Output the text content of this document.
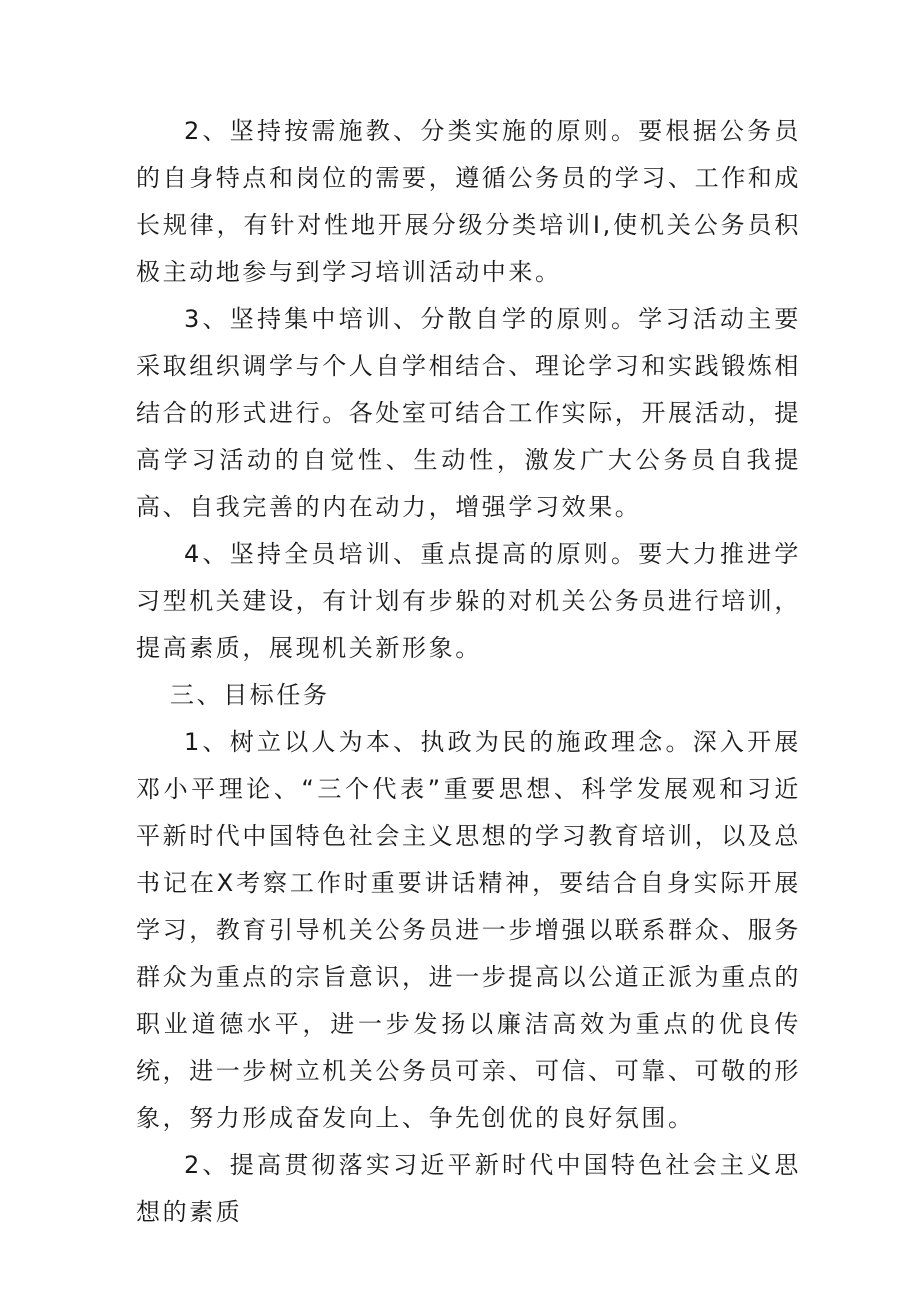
2、坚持按需施教、分类实施的原则。要根据公务员的自身特点和岗位的需要，遵循公务员的学习、工作和成长规律，有针对性地开展分级分类培训I,使机关公务员积极主动地参与到学习培训活动中来。

3、坚持集中培训、分散自学的原则。学习活动主要采取组织调学与个人自学相结合、理论学习和实践锻炼相结合的形式进行。各处室可结合工作实际，开展活动，提高学习活动的自觉性、生动性，激发广大公务员自我提高、自我完善的内在动力，增强学习效果。

4、坚持全员培训、重点提高的原则。要大力推进学习型机关建设，有计划有步躲的对机关公务员进行培训，提高素质，展现机关新形象。

三、目标任务

1、树立以人为本、执政为民的施政理念。深入开展邓小平理论、“三个代表”重要思想、科学发展观和习近平新时代中国特色社会主义思想的学习教育培训，以及总书记在X考察工作时重要讲话精神，要结合自身实际开展学习，教育引导机关公务员进一步增强以联系群众、服务群众为重点的宗旨意识，进一步提高以公道正派为重点的职业道德水平，进一步发扬以廉洁高效为重点的优良传统，进一步树立机关公务员可亲、可信、可靠、可敬的形象，努力形成奋发向上、争先创优的良好氛围。

2、提高贯彻落实习近平新时代中国特色社会主义思想的素质
